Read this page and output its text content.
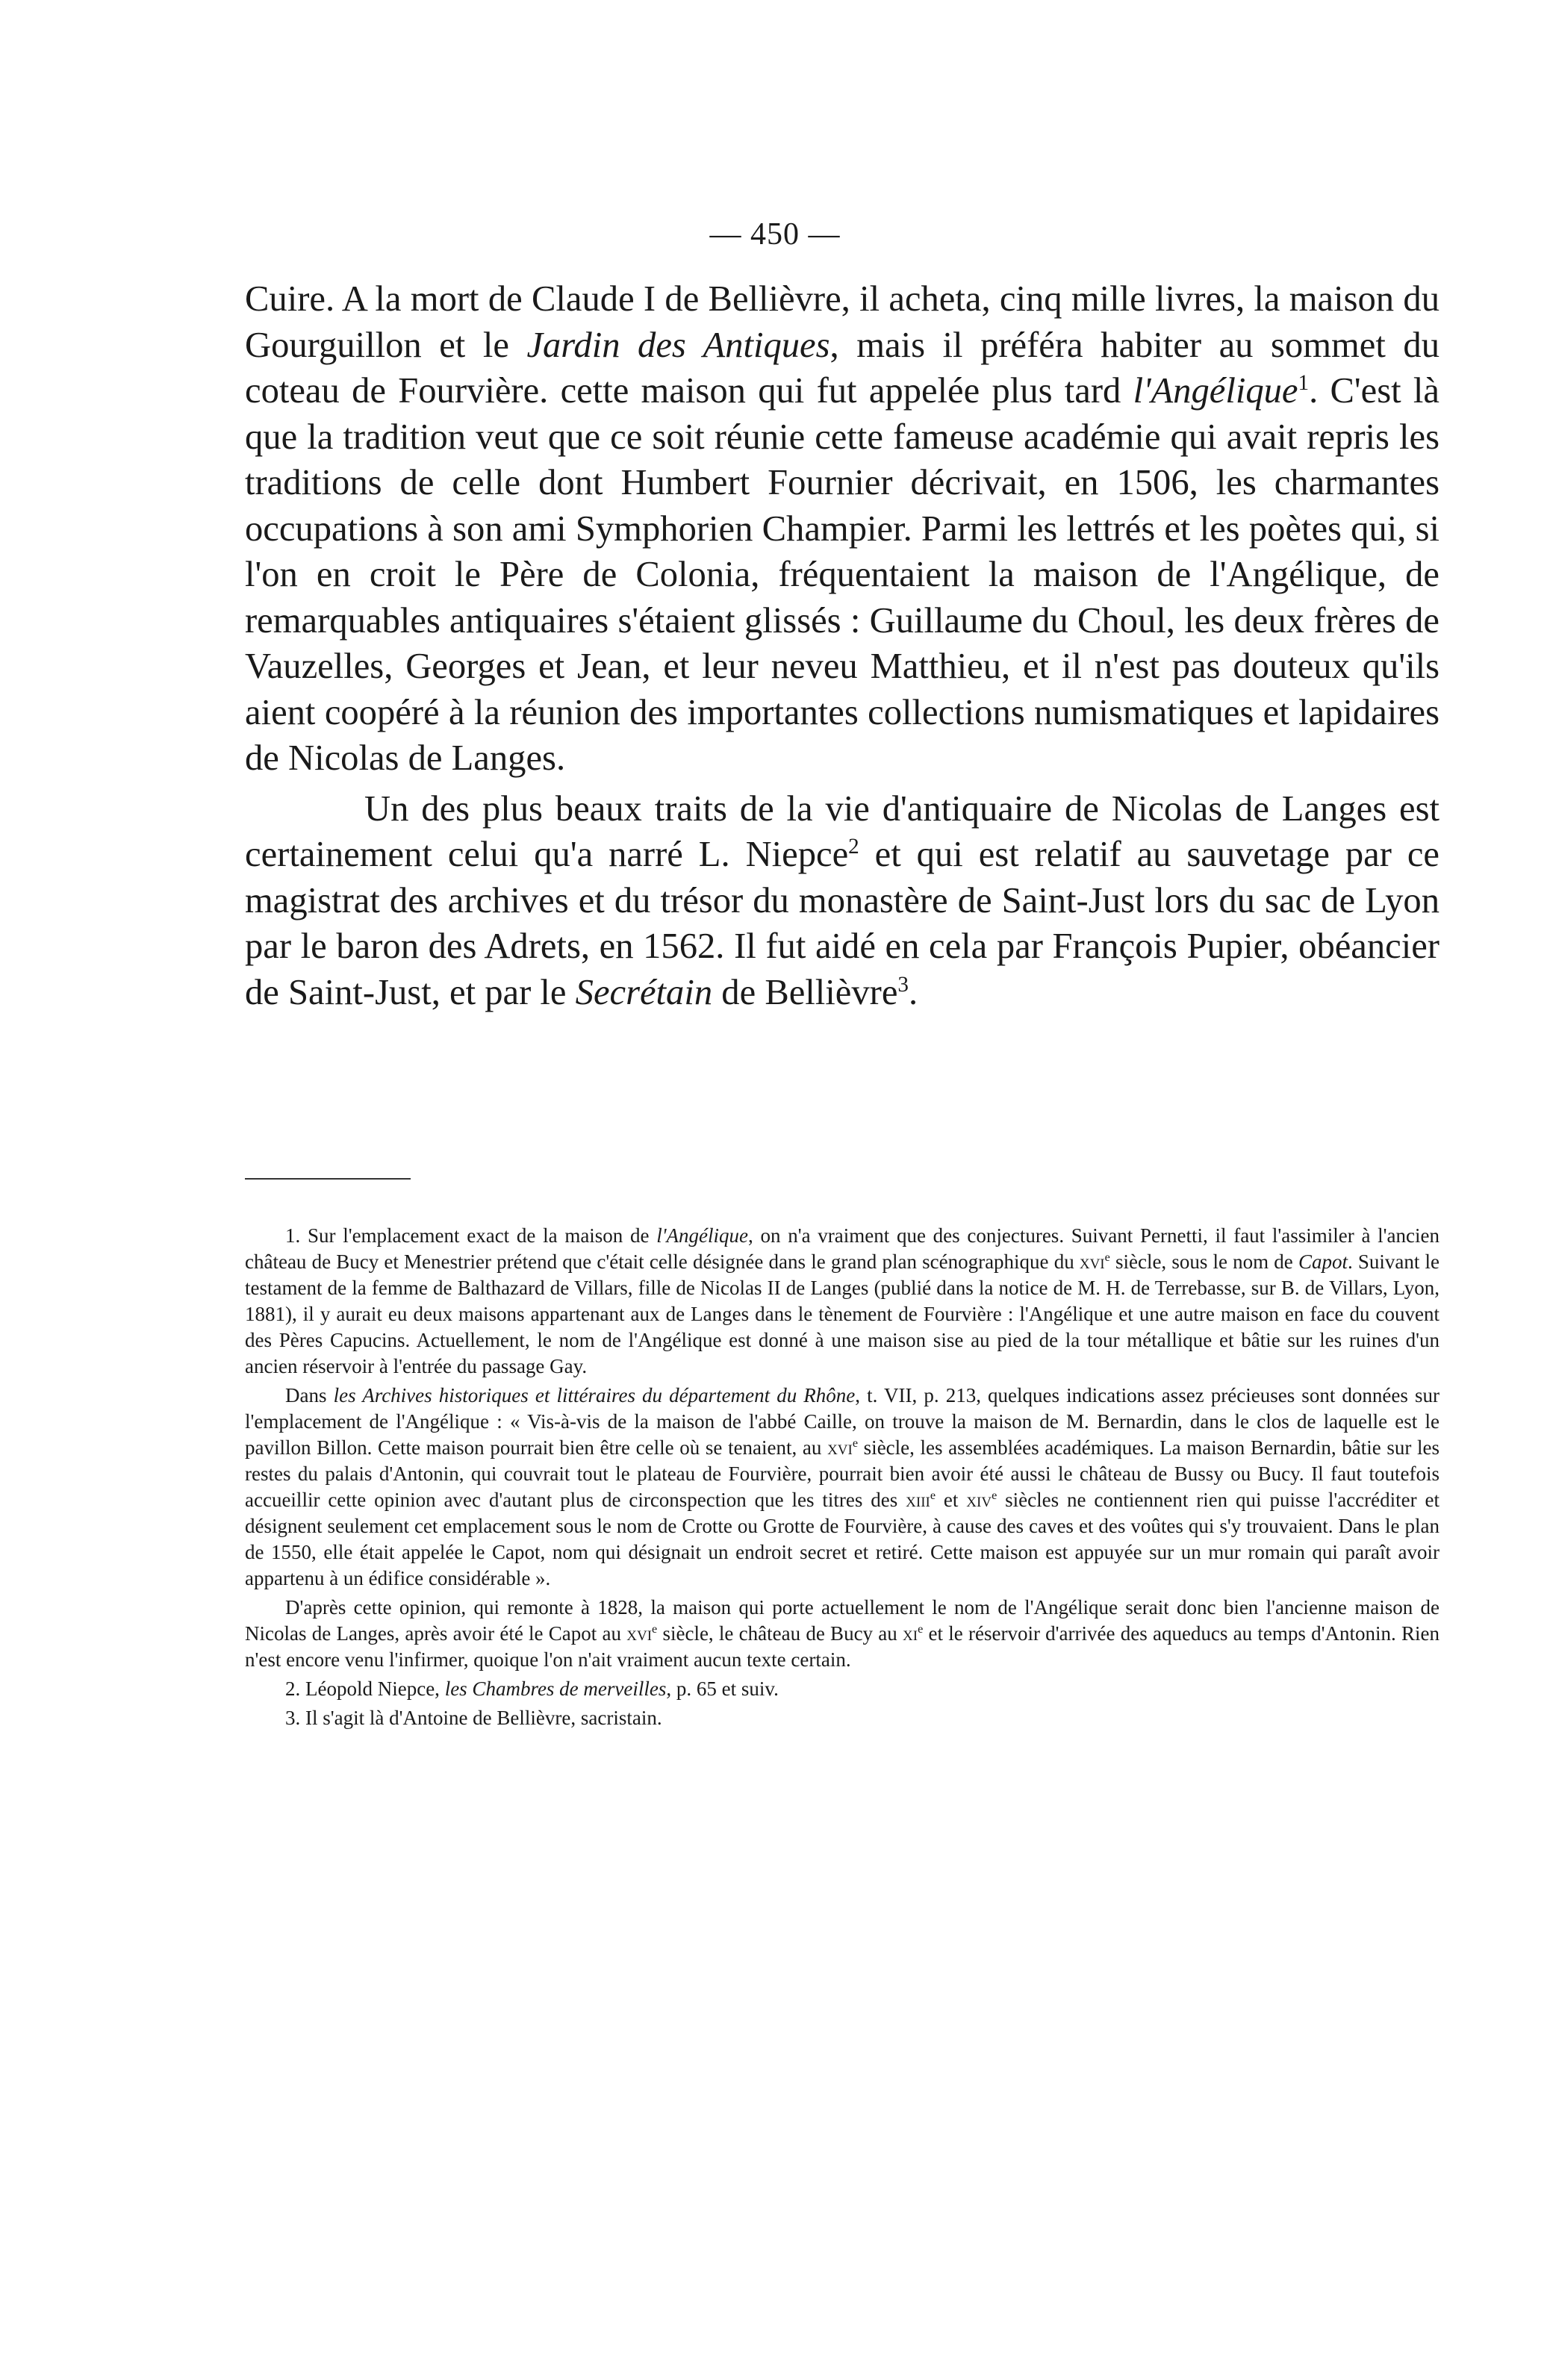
— 450 —

Cuire. A la mort de Claude I de Bellièvre, il acheta, cinq mille livres, la maison du Gourguillon et le Jardin des Antiques, mais il préféra habiter au sommet du coteau de Fourvière. cette maison qui fut appelée plus tard l'Angélique$^1$. C'est là que la tradition veut que ce soit réunie cette fameuse académie qui avait repris les traditions de celle dont Humbert Fournier décrivait, en 1506, les charmantes occupations à son ami Symphorien Champier. Parmi les lettrés et les poètes qui, si l'on en croit le Père de Colonia, fréquentaient la maison de l'Angélique, de remarquables antiquaires s'étaient glissés : Guillaume du Choul, les deux frères de Vauzelles, Georges et Jean, et leur neveu Matthieu, et il n'est pas douteux qu'ils aient coopéré à la réunion des importantes collections numismatiques et lapidaires de Nicolas de Langes.

Un des plus beaux traits de la vie d'antiquaire de Nicolas de Langes est certainement celui qu'a narré L. Niepce$^2$ et qui est relatif au sauvetage par ce magistrat des archives et du trésor du monastère de Saint-Just lors du sac de Lyon par le baron des Adrets, en 1562. Il fut aidé en cela par François Pupier, obéancier de Saint-Just, et par le Secrétain de Bellièvre$^3$.

1. Sur l'emplacement exact de la maison de l'Angélique, on n'a vraiment que des conjectures. Suivant Pernetti, il faut l'assimiler à l'ancien château de Bucy et Menestrier prétend que c'était celle désignée dans le grand plan scénographique du xvi$^e$ siècle, sous le nom de Capot. Suivant le testament de la femme de Balthazard de Villars, fille de Nicolas II de Langes (publié dans la notice de M. H. de Terrebasse, sur B. de Villars, Lyon, 1881), il y aurait eu deux maisons appartenant aux de Langes dans le tènement de Fourvière : l'Angélique et une autre maison en face du couvent des Pères Capucins. Actuellement, le nom de l'Angélique est donné à une maison sise au pied de la tour métallique et bâtie sur les ruines d'un ancien réservoir à l'entrée du passage Gay.

Dans les Archives historiques et littéraires du département du Rhône, t. VII, p. 213, quelques indications assez précieuses sont données sur l'emplacement de l'Angélique : « Vis-à-vis de la maison de l'abbé Caille, on trouve la maison de M. Bernardin, dans le clos de laquelle est le pavillon Billon. Cette maison pourrait bien être celle où se tenaient, au xvi$^e$ siècle, les assemblées académiques. La maison Bernardin, bâtie sur les restes du palais d'Antonin, qui couvrait tout le plateau de Fourvière, pourrait bien avoir été aussi le château de Bussy ou Bucy. Il faut toutefois accueillir cette opinion avec d'autant plus de circonspection que les titres des xiii$^e$ et xiv$^e$ siècles ne contiennent rien qui puisse l'accréditer et désignent seulement cet emplacement sous le nom de Crotte ou Grotte de Fourvière, à cause des caves et des voûtes qui s'y trouvaient. Dans le plan de 1550, elle était appelée le Capot, nom qui désignait un endroit secret et retiré. Cette maison est appuyée sur un mur romain qui paraît avoir appartenu à un édifice considérable ».

D'après cette opinion, qui remonte à 1828, la maison qui porte actuellement le nom de l'Angélique serait donc bien l'ancienne maison de Nicolas de Langes, après avoir été le Capot au xvi$^e$ siècle, le château de Bucy au $xi^e$ et le réservoir d'arrivée des aqueducs au temps d'Antonin. Rien n'est encore venu l'infirmer, quoique l'on n'ait vraiment aucun texte certain.

2. Léopold Niepce, les Chambres de merveilles, p. 65 et suiv.

3. Il s'agit là d'Antoine de Bellièvre, sacristain.
